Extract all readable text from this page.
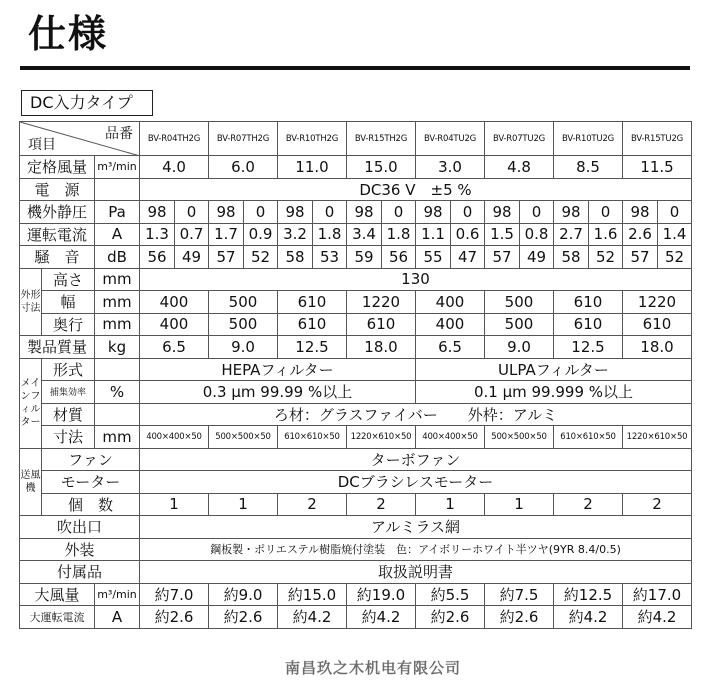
仕様
DC入力タイプ
品番
項目			BV-R04TH2G		BV-R07TH2G		BV-R10TH2G		BV-R15TH2G		BV-R04TU2G		BV-R07TU2G		BV-R10TU2G		BV-R15TU2G	
定格風量		m³/min	4.0		6.0		11.0		15.0		3.0		4.8		8.5		11.5	
電　源			DC36 V　±5 %															
機外静圧		Pa	98	0	98	0	98	0	98	0	98	0	98	0	98	0	98	0
運転電流		A	1.3	0.7	1.7	0.9	3.2	1.8	3.4	1.8	1.1	0.6	1.5	0.8	2.7	1.6	2.6	1.4
騒　音		dB	56	49	57	52	58	53	59	56	55	47	57	49	58	52	57	52
外形寸法	高さ	mm	130															
	幅	mm	400		500		610		1220		400		500		610		1220	
	奥行	mm	400		500		610		610		400		500		610		610	
製品質量		kg	6.5		9.0		12.5		18.0		6.5		9.0		12.5		18.0	
メインフィルター	形式		HEPAフィルター								ULPAフィルター							
	捕集効率	%	0.3 μm 99.99 %以上								0.1 μm 99.999 %以上							
	材質		ろ材：グラスファイバー　　外枠：アルミ															
	寸法	mm	400×400×50		500×500×50		610×610×50		1220×610×50		400×400×50		500×500×50		610×610×50		1220×610×50	
送風機	ファン		ターボファン															
	モーター		DCブラシレスモーター															
	個　数		1		1		2		2		1		1		2		2	
吹出口			アルミラス網															
外装			鋼板製・ポリエステル樹脂焼付塗装　色：アイボリーホワイト半ツヤ(9YR 8.4/0.5)															
付属品			取扱説明書															
大風量		m³/min	約7.0		約9.0		約15.0		約19.0		約5.5		約7.5		約12.5		約17.0	
大運転電流		A	約2.6		約2.6		約4.2		約4.2		約2.6		約2.6		約4.2		約4.2	
南昌玖之木机电有限公司
